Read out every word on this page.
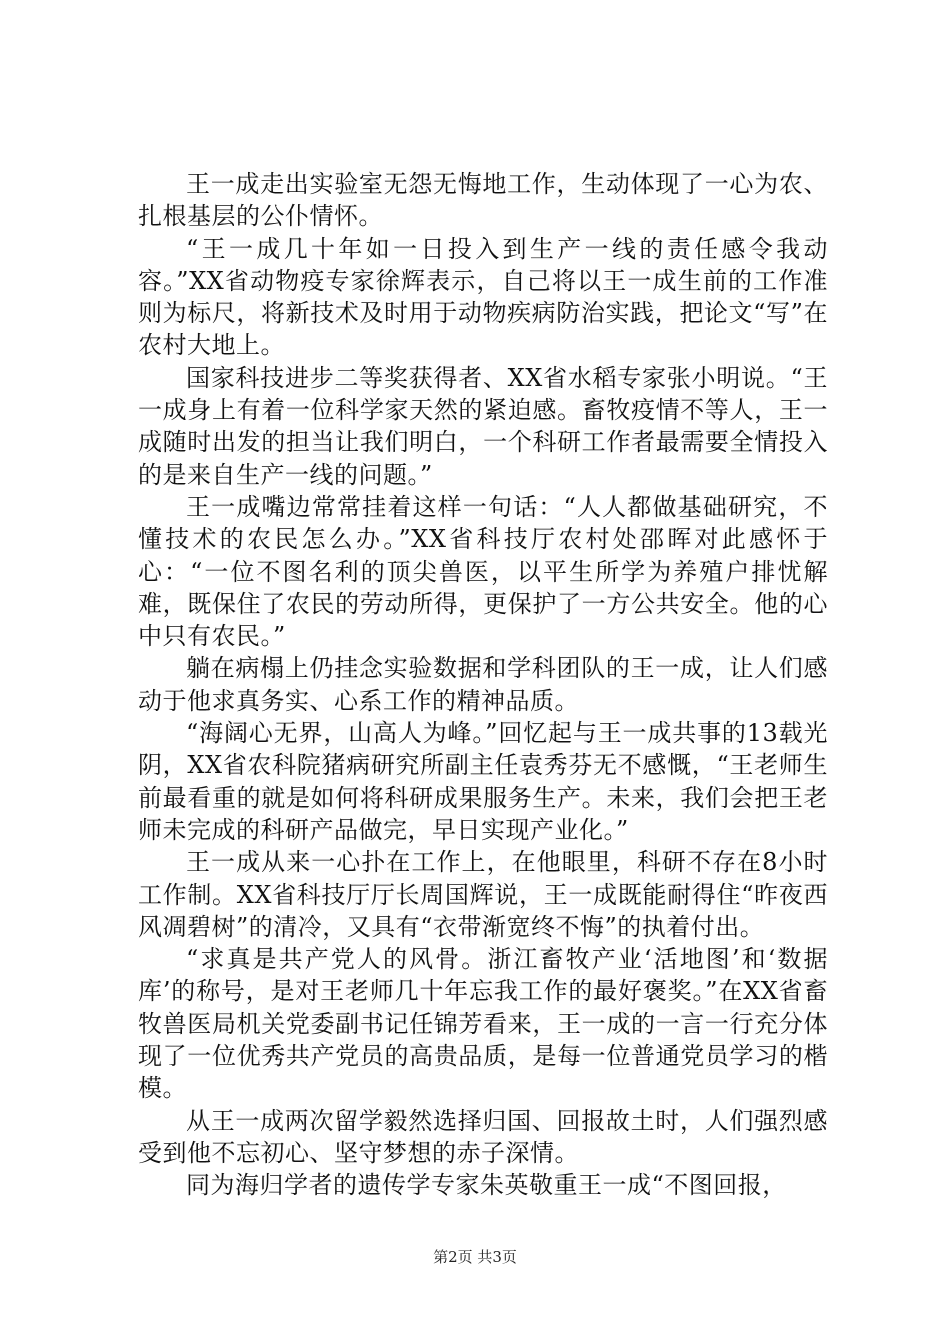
王一成走出实验室无怨无悔地工作，生动体现了一心为农、扎根基层的公仆情怀。

“王一成几十年如一日投入到生产一线的责任感令我动容。”XX省动物疫专家徐辉表示，自己将以王一成生前的工作准则为标尺，将新技术及时用于动物疾病防治实践，把论文“写”在农村大地上。

国家科技进步二等奖获得者、XX省水稻专家张小明说。“王一成身上有着一位科学家天然的紧迫感。畜牧疫情不等人，王一成随时出发的担当让我们明白，一个科研工作者最需要全情投入的是来自生产一线的问题。”

王一成嘴边常常挂着这样一句话：“人人都做基础研究，不懂技术的农民怎么办。”XX省科技厅农村处邵晖对此感怀于心：“一位不图名利的顶尖兽医，以平生所学为养殖户排忧解难，既保住了农民的劳动所得，更保护了一方公共安全。他的心中只有农民。”

躺在病榻上仍挂念实验数据和学科团队的王一成，让人们感动于他求真务实、心系工作的精神品质。

“海阔心无界，山高人为峰。”回忆起与王一成共事的13载光阴，XX省农科院猪病研究所副主任袁秀芬无不感慨，“王老师生前最看重的就是如何将科研成果服务生产。未来，我们会把王老师未完成的科研产品做完，早日实现产业化。”

王一成从来一心扑在工作上，在他眼里，科研不存在8小时工作制。XX省科技厅厅长周国辉说，王一成既能耐得住“昨夜西风凋碧树”的清冷，又具有“衣带渐宽终不悔”的执着付出。

“求真是共产党人的风骨。浙江畜牧产业‘活地图’和‘数据库’的称号，是对王老师几十年忘我工作的最好褒奖。”在XX省畜牧兽医局机关党委副书记任锦芳看来，王一成的一言一行充分体现了一位优秀共产党员的高贵品质，是每一位普通党员学习的楷模。

从王一成两次留学毅然选择归国、回报故土时，人们强烈感受到他不忘初心、坚守梦想的赤子深情。

同为海归学者的遗传学专家朱英敬重王一成“不图回报，

第2页 共3页
